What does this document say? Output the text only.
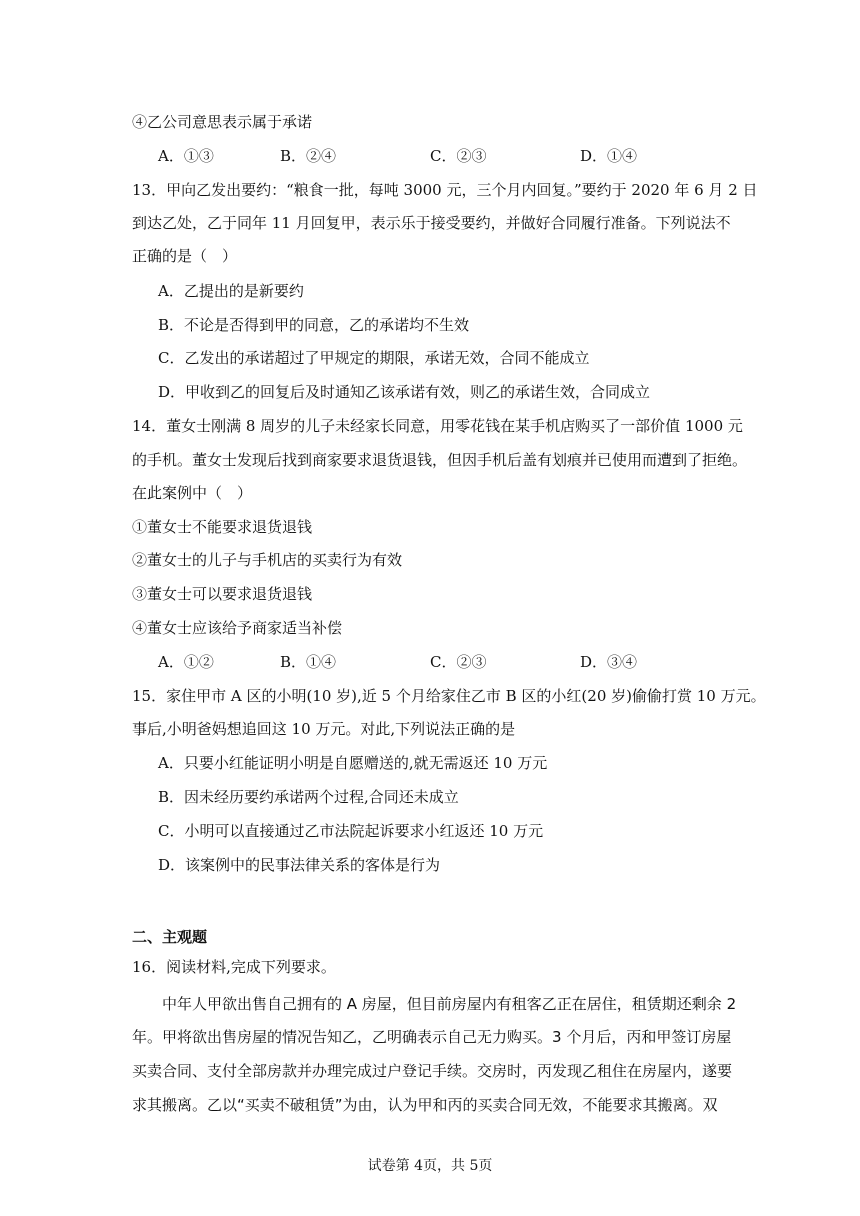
④乙公司意思表示属于承诺
A．①③	B．②④	C．②③	D．①④
13．甲向乙发出要约：“粮食一批，每吨 3000 元，三个月内回复。”要约于 2020 年 6 月 2 日
到达乙处，乙于同年 11 月回复甲，表示乐于接受要约，并做好合同履行准备。下列说法不
正确的是（　）
A．乙提出的是新要约
B．不论是否得到甲的同意，乙的承诺均不生效
C．乙发出的承诺超过了甲规定的期限，承诺无效，合同不能成立
D．甲收到乙的回复后及时通知乙该承诺有效，则乙的承诺生效，合同成立
14．董女士刚满 8 周岁的儿子未经家长同意，用零花钱在某手机店购买了一部价值 1000 元
的手机。董女士发现后找到商家要求退货退钱，但因手机后盖有划痕并已使用而遭到了拒绝。
在此案例中（　）
①董女士不能要求退货退钱
②董女士的儿子与手机店的买卖行为有效
③董女士可以要求退货退钱
④董女士应该给予商家适当补偿
A．①②	B．①④	C．②③	D．③④
15．家住甲市 A 区的小明(10 岁),近 5 个月给家住乙市 B 区的小红(20 岁)偷偷打赏 10 万元。
事后,小明爸妈想追回这 10 万元。对此,下列说法正确的是
A．只要小红能证明小明是自愿赠送的,就无需返还 10 万元
B．因未经历要约承诺两个过程,合同还未成立
C．小明可以直接通过乙市法院起诉要求小红返还 10 万元
D．该案例中的民事法律关系的客体是行为
二、主观题
16．阅读材料,完成下列要求。
　　中年人甲欲出售自己拥有的 A 房屋，但目前房屋内有租客乙正在居住，租赁期还剩余 2
年。甲将欲出售房屋的情况告知乙，乙明确表示自己无力购买。3 个月后，丙和甲签订房屋
买卖合同、支付全部房款并办理完成过户登记手续。交房时，丙发现乙租住在房屋内，遂要
求其搬离。乙以“买卖不破租赁”为由，认为甲和丙的买卖合同无效，不能要求其搬离。双
试卷第 4页，共 5页
